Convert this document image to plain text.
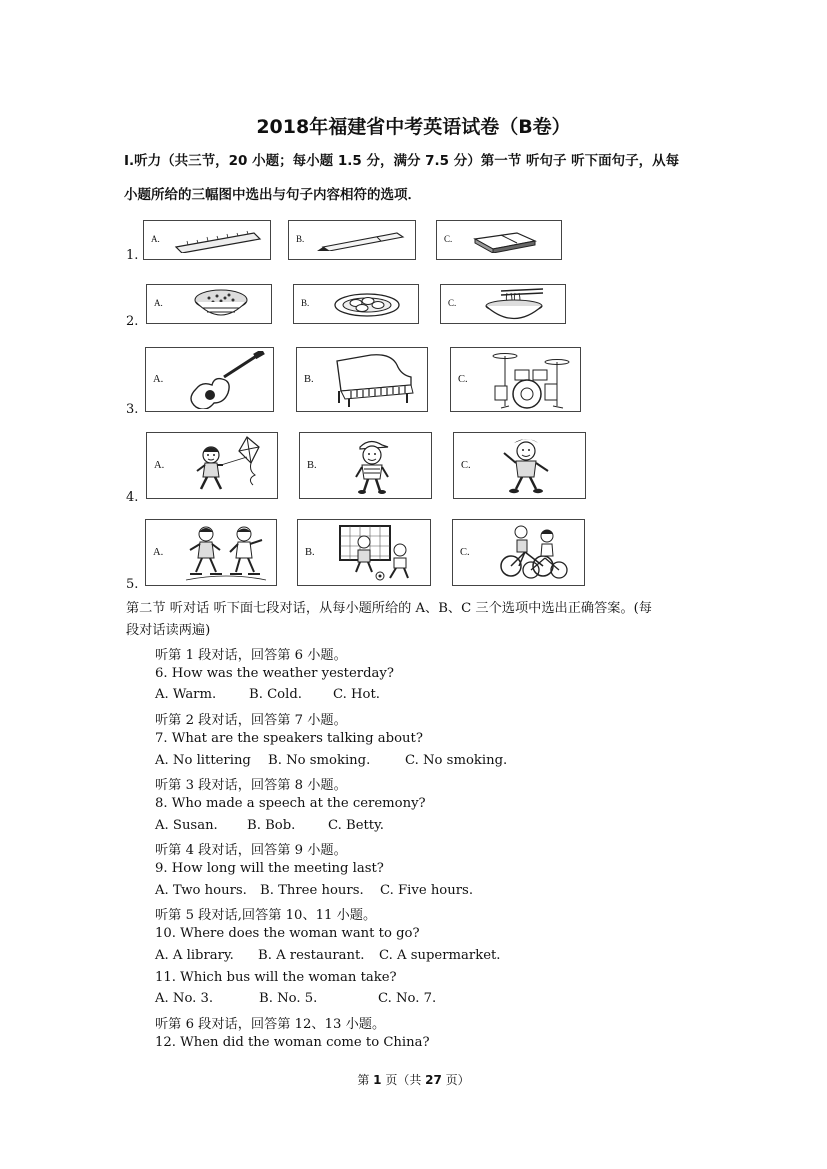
2018年福建省中考英语试卷（B卷）
I.听力（共三节，20 小题；每小题 1.5 分，满分 7.5 分）第一节 听句子 听下面句子，从每
小题所给的三幅图中选出与句子内容相符的选项．
1.
A.	B.	C.
2.
A.	B.	C.
3.
A.	B.	C.
4.
A.	B.	C.
5.
A.	B.	C.
第二节 听对话 听下面七段对话，从每小题所给的 A、B、C 三个选项中选出正确答案。(每
段对话读两遍)
听第 1 段对话，回答第 6 小题。
6. How was the weather yesterday?
A. Warm. B. Cold. C. Hot.
听第 2 段对话，回答第 7 小题。
7. What are the speakers talking about?
A. No littering B. No smoking.	C. No smoking.
听第 3 段对话，回答第 8 小题。
8. Who made a speech at the ceremony?
A. Susan. B. Bob. C. Betty.
听第 4 段对话，回答第 9 小题。
9. How long will the meeting last?
A. Two hours. B. Three hours. C. Five hours.
听第 5 段对话,回答第 10、11 小题。
10. Where does the woman want to go?
A. A library. B. A restaurant. C. A supermarket.
11. Which bus will the woman take?
A. No. 3.	B. No. 5.	C. No. 7.
听第 6 段对话，回答第 12、13 小题。
12. When did the woman come to China?
第 1 页（共 27 页）
